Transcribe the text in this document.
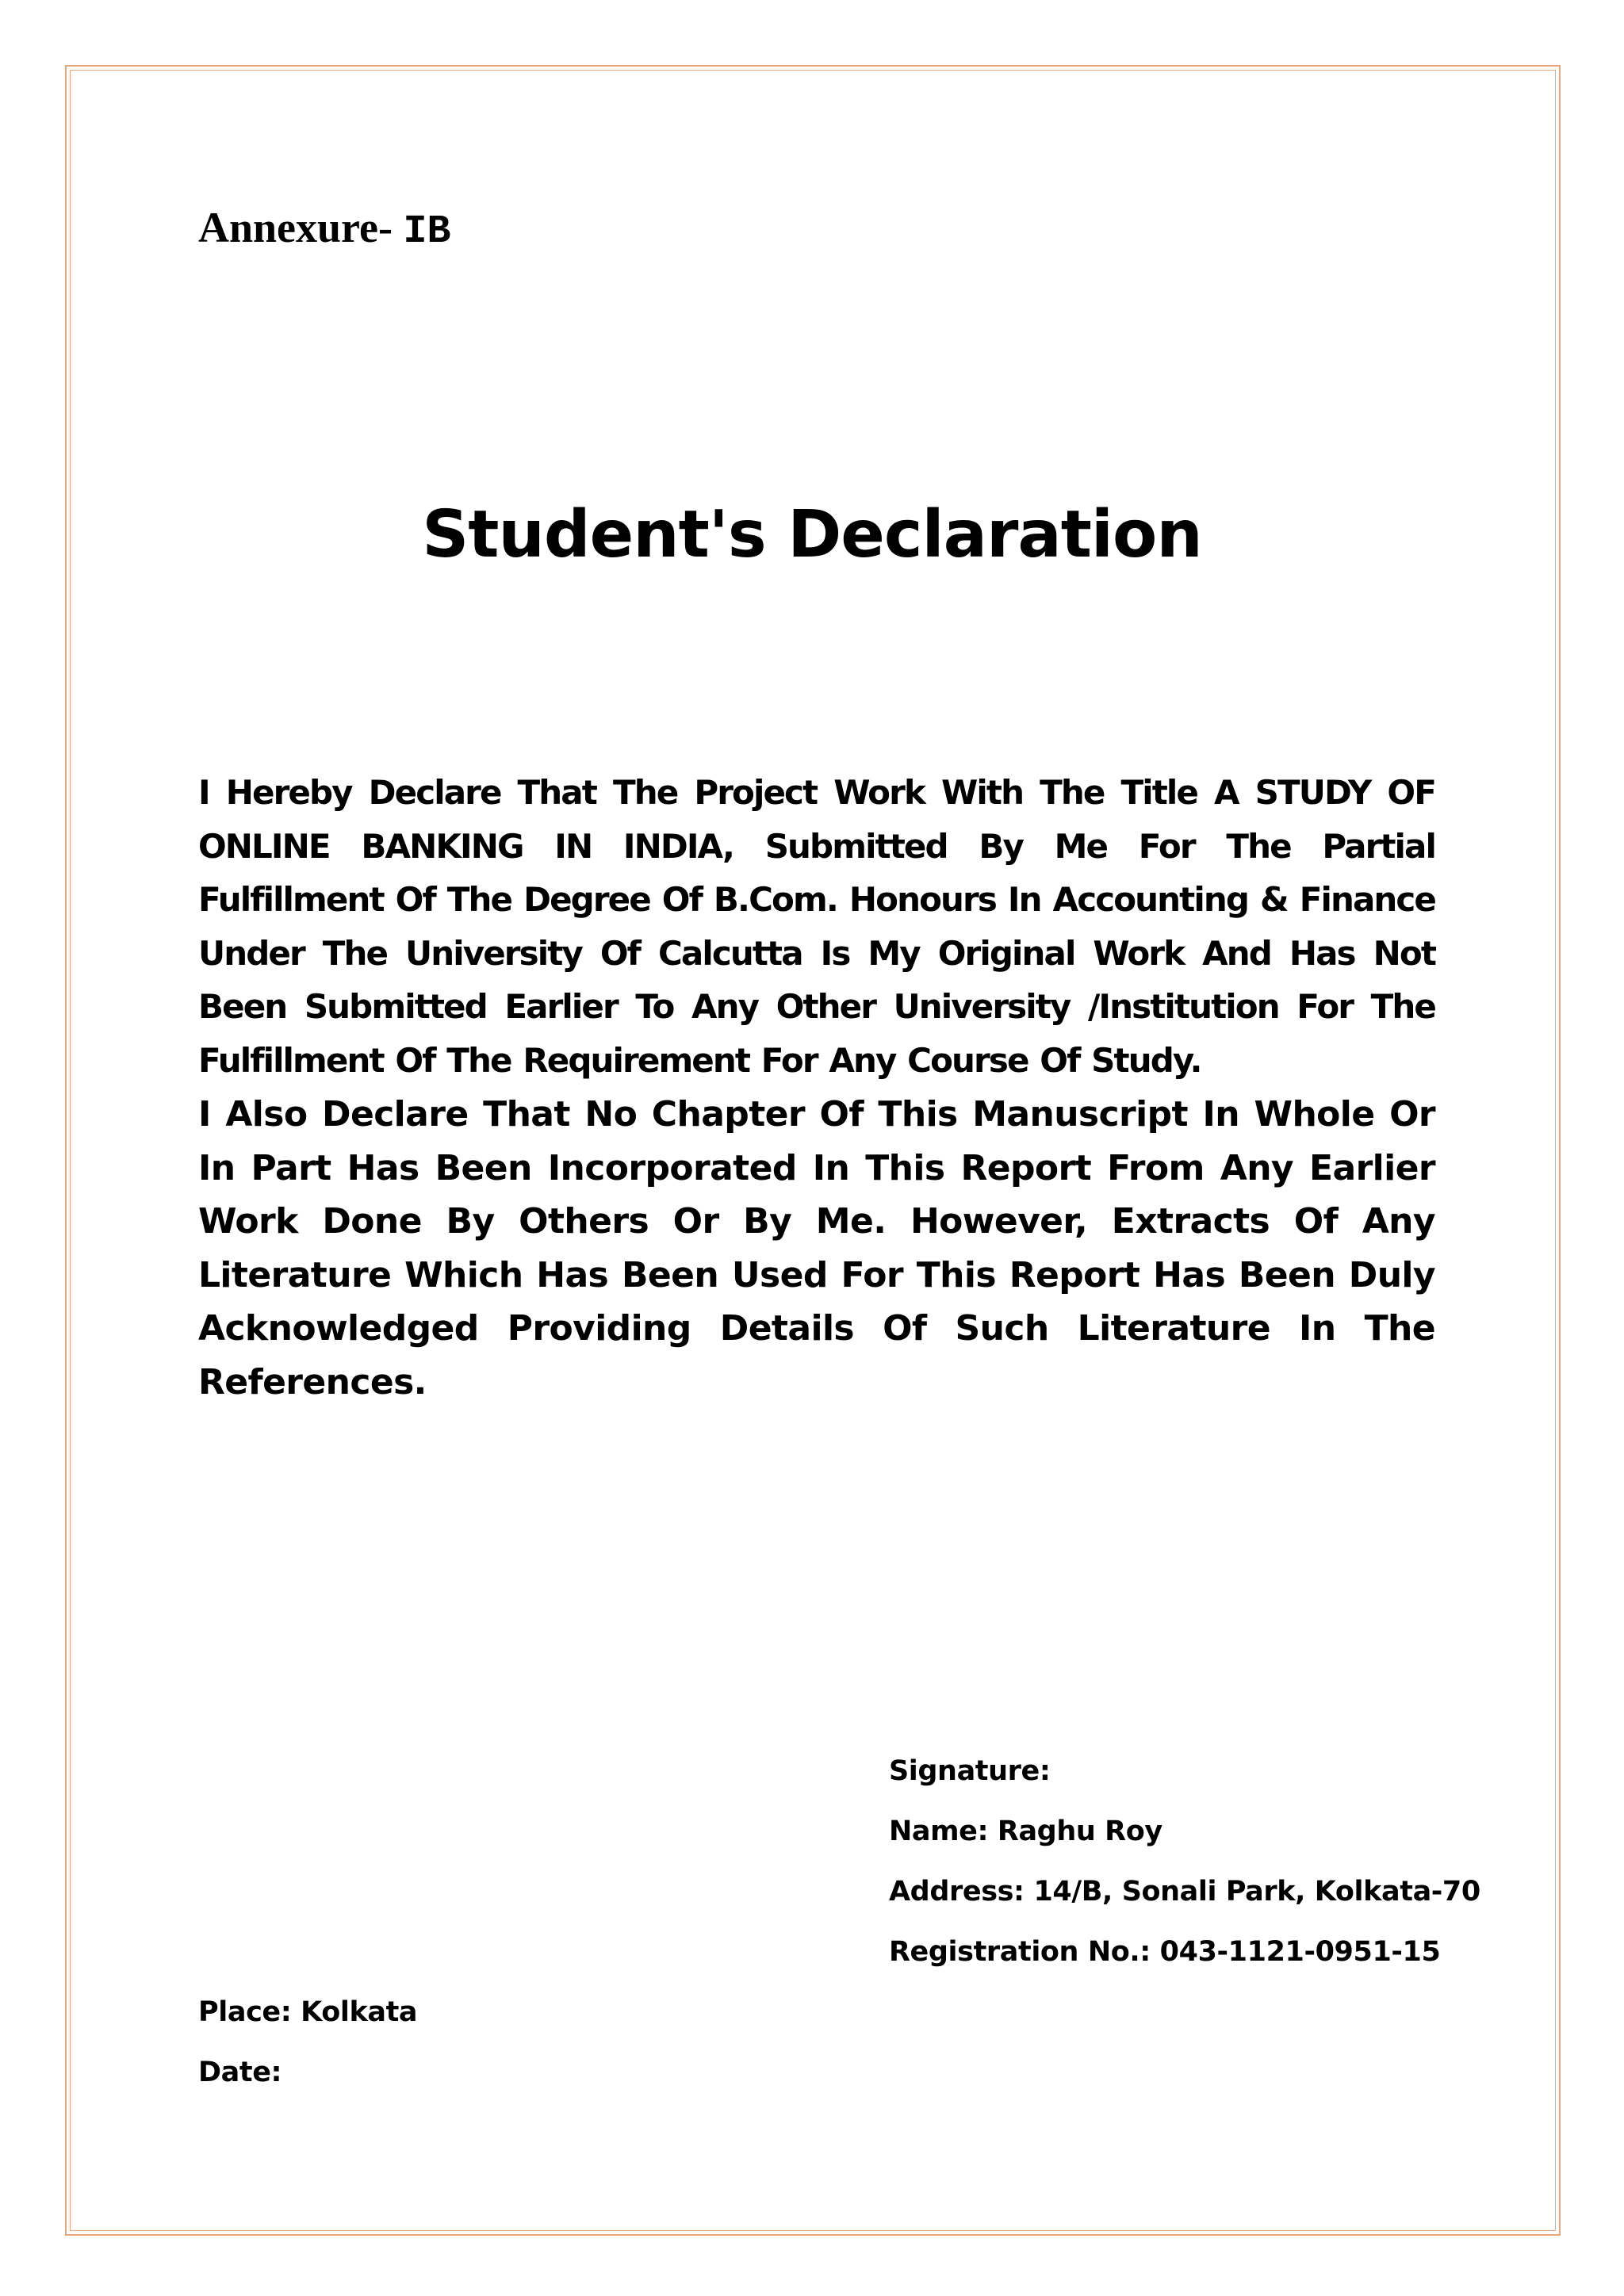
Annexure- IB
Student's Declaration
I Hereby Declare That The Project Work With The Title A STUDY OF ONLINE BANKING IN INDIA, Submitted By Me For The Partial Fulfillment Of The Degree Of B.Com. Honours In Accounting & Finance Under The University Of Calcutta Is My Original Work And Has Not Been Submitted Earlier To Any Other University /Institution For The Fulfillment Of The Requirement For Any Course Of Study.
I Also Declare That No Chapter Of This Manuscript In Whole Or In Part Has Been Incorporated In This Report From Any Earlier Work Done By Others Or By Me. However, Extracts Of Any Literature Which Has Been Used For This Report Has Been Duly Acknowledged Providing Details Of Such Literature In The References.
Signature:
Name: Raghu Roy
Address: 14/B, Sonali Park, Kolkata-70
Registration No.: 043-1121-0951-15
Place: Kolkata
Date:
